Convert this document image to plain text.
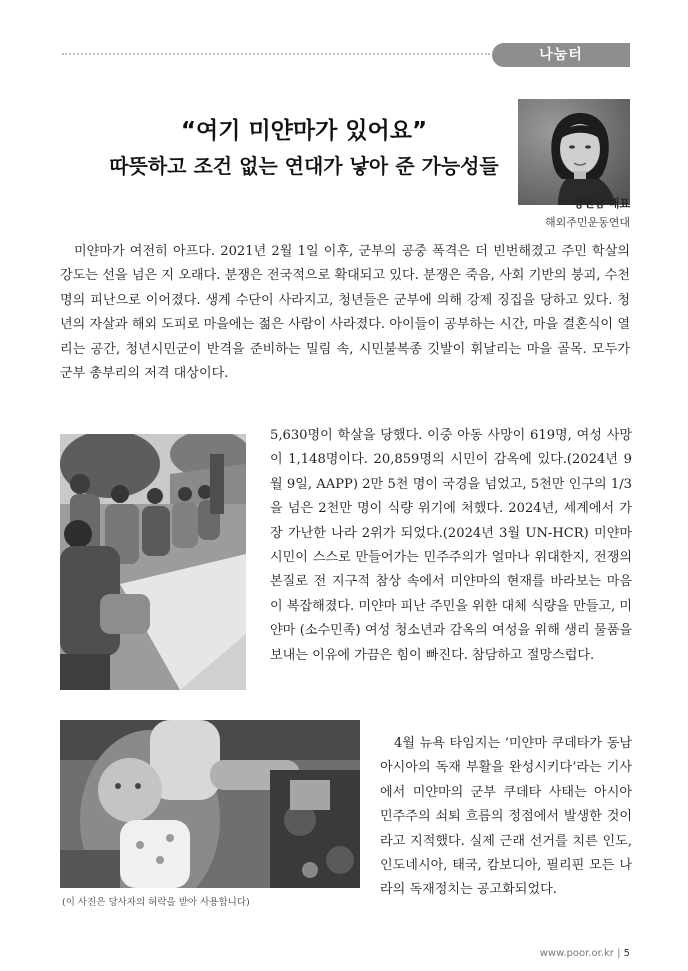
나눔터
“여기 미얀마가 있어요”
따뜻하고 조건 없는 연대가 낳아 준 가능성들
강인남 대표
해외주민운동연대

미얀마가 여전히 아프다. 2021년 2월 1일 이후, 군부의 공중 폭격은 더 빈번해졌고 주민 학살의 강도는 선을 넘은 지 오래다. 분쟁은 전국적으로 확대되고 있다. 분쟁은 죽음, 사회 기반의 붕괴, 수천 명의 피난으로 이어졌다. 생계 수단이 사라지고, 청년들은 군부에 의해 강제 징집을 당하고 있다. 청년의 자살과 해외 도피로 마을에는 젊은 사람이 사라졌다. 아이들이 공부하는 시간, 마을 결혼식이 열리는 공간, 청년시민군이 반격을 준비하는 밀림 속, 시민불복종 깃발이 휘날리는 마을 골목. 모두가 군부 총부리의 저격 대상이다.

5,630명이 학살을 당했다. 이중 아동 사망이 619명, 여성 사망이 1,148명이다. 20,859명의 시민이 감옥에 있다.(2024년 9월 9일, AAPP) 2만 5천 명이 국경을 넘었고, 5천만 인구의 1/3을 넘은 2천만 명이 식량 위기에 처했다. 2024년, 세계에서 가장 가난한 나라 2위가 되었다.(2024년 3월 UN-HCR) 미얀마 시민이 스스로 만들어가는 민주주의가 얼마나 위대한지, 전쟁의 본질로 전 지구적 참상 속에서 미얀마의 현재를 바라보는 마음이 복잡해졌다. 미얀마 피난 주민을 위한 대체 식량을 만들고, 미얀마 (소수민족) 여성 청소년과 감옥의 여성을 위해 생리 물품을 보내는 이유에 가끔은 힘이 빠진다. 참담하고 절망스럽다.

4월 뉴욕 타임지는 ‘미얀마 쿠데타가 동남아시아의 독재 부활을 완성시키다’라는 기사에서 미얀마의 군부 쿠데타 사태는 아시아 민주주의 쇠퇴 흐름의 정점에서 발생한 것이라고 지적했다. 실제 근래 선거를 치른 인도, 인도네시아, 태국, 캄보디아, 필리핀 모든 나라의 독재정치는 공고화되었다.

(이 사진은 당사자의 허락을 받아 사용합니다)
www.poor.or.kr | 5
